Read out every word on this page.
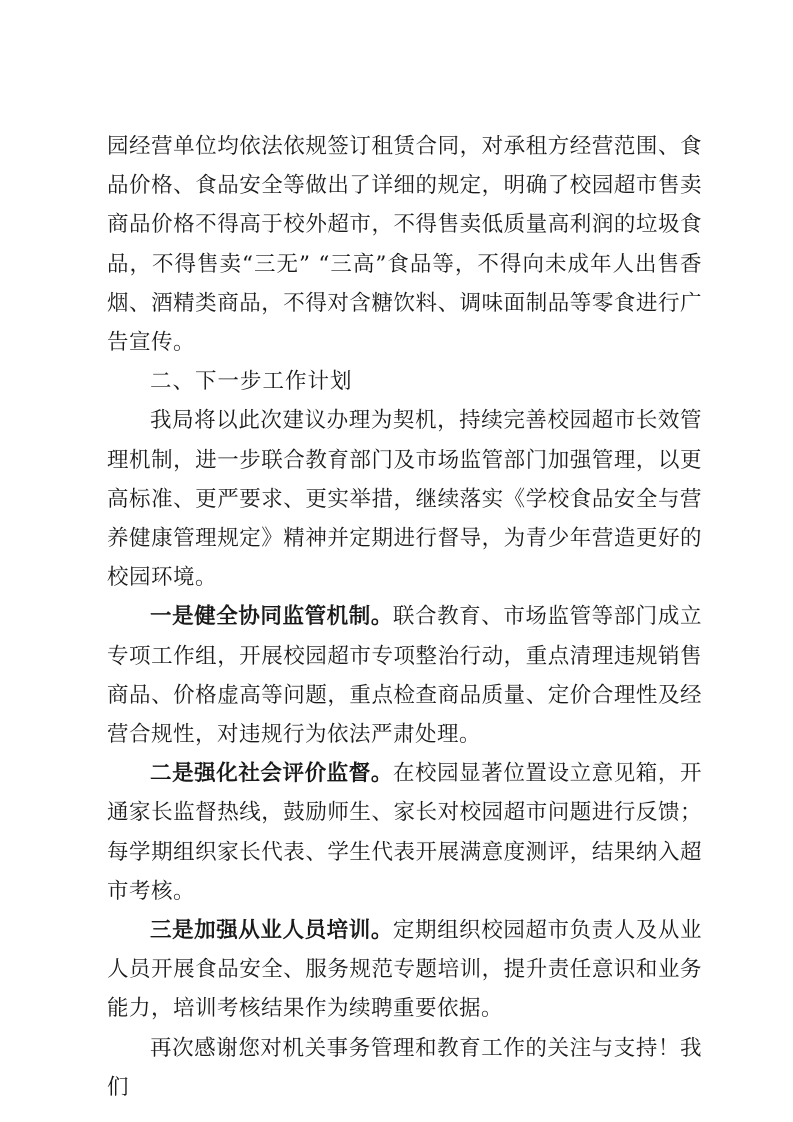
园经营单位均依法依规签订租赁合同，对承租方经营范围、食品价格、食品安全等做出了详细的规定，明确了校园超市售卖商品价格不得高于校外超市，不得售卖低质量高利润的垃圾食品，不得售卖“三无” “三高”食品等，不得向未成年人出售香烟、酒精类商品，不得对含糖饮料、调味面制品等零食进行广告宣传。

二、下一步工作计划

我局将以此次建议办理为契机，持续完善校园超市长效管理机制，进一步联合教育部门及市场监管部门加强管理，以更高标准、更严要求、更实举措，继续落实《学校食品安全与营养健康管理规定》精神并定期进行督导，为青少年营造更好的校园环境。

一是健全协同监管机制。联合教育、市场监管等部门成立专项工作组，开展校园超市专项整治行动，重点清理违规销售商品、价格虚高等问题，重点检查商品质量、定价合理性及经营合规性，对违规行为依法严肃处理。

二是强化社会评价监督。在校园显著位置设立意见箱，开通家长监督热线，鼓励师生、家长对校园超市问题进行反馈；每学期组织家长代表、学生代表开展满意度测评，结果纳入超市考核。

三是加强从业人员培训。定期组织校园超市负责人及从业人员开展食品安全、服务规范专题培训，提升责任意识和业务能力，培训考核结果作为续聘重要依据。

再次感谢您对机关事务管理和教育工作的关注与支持！我们
